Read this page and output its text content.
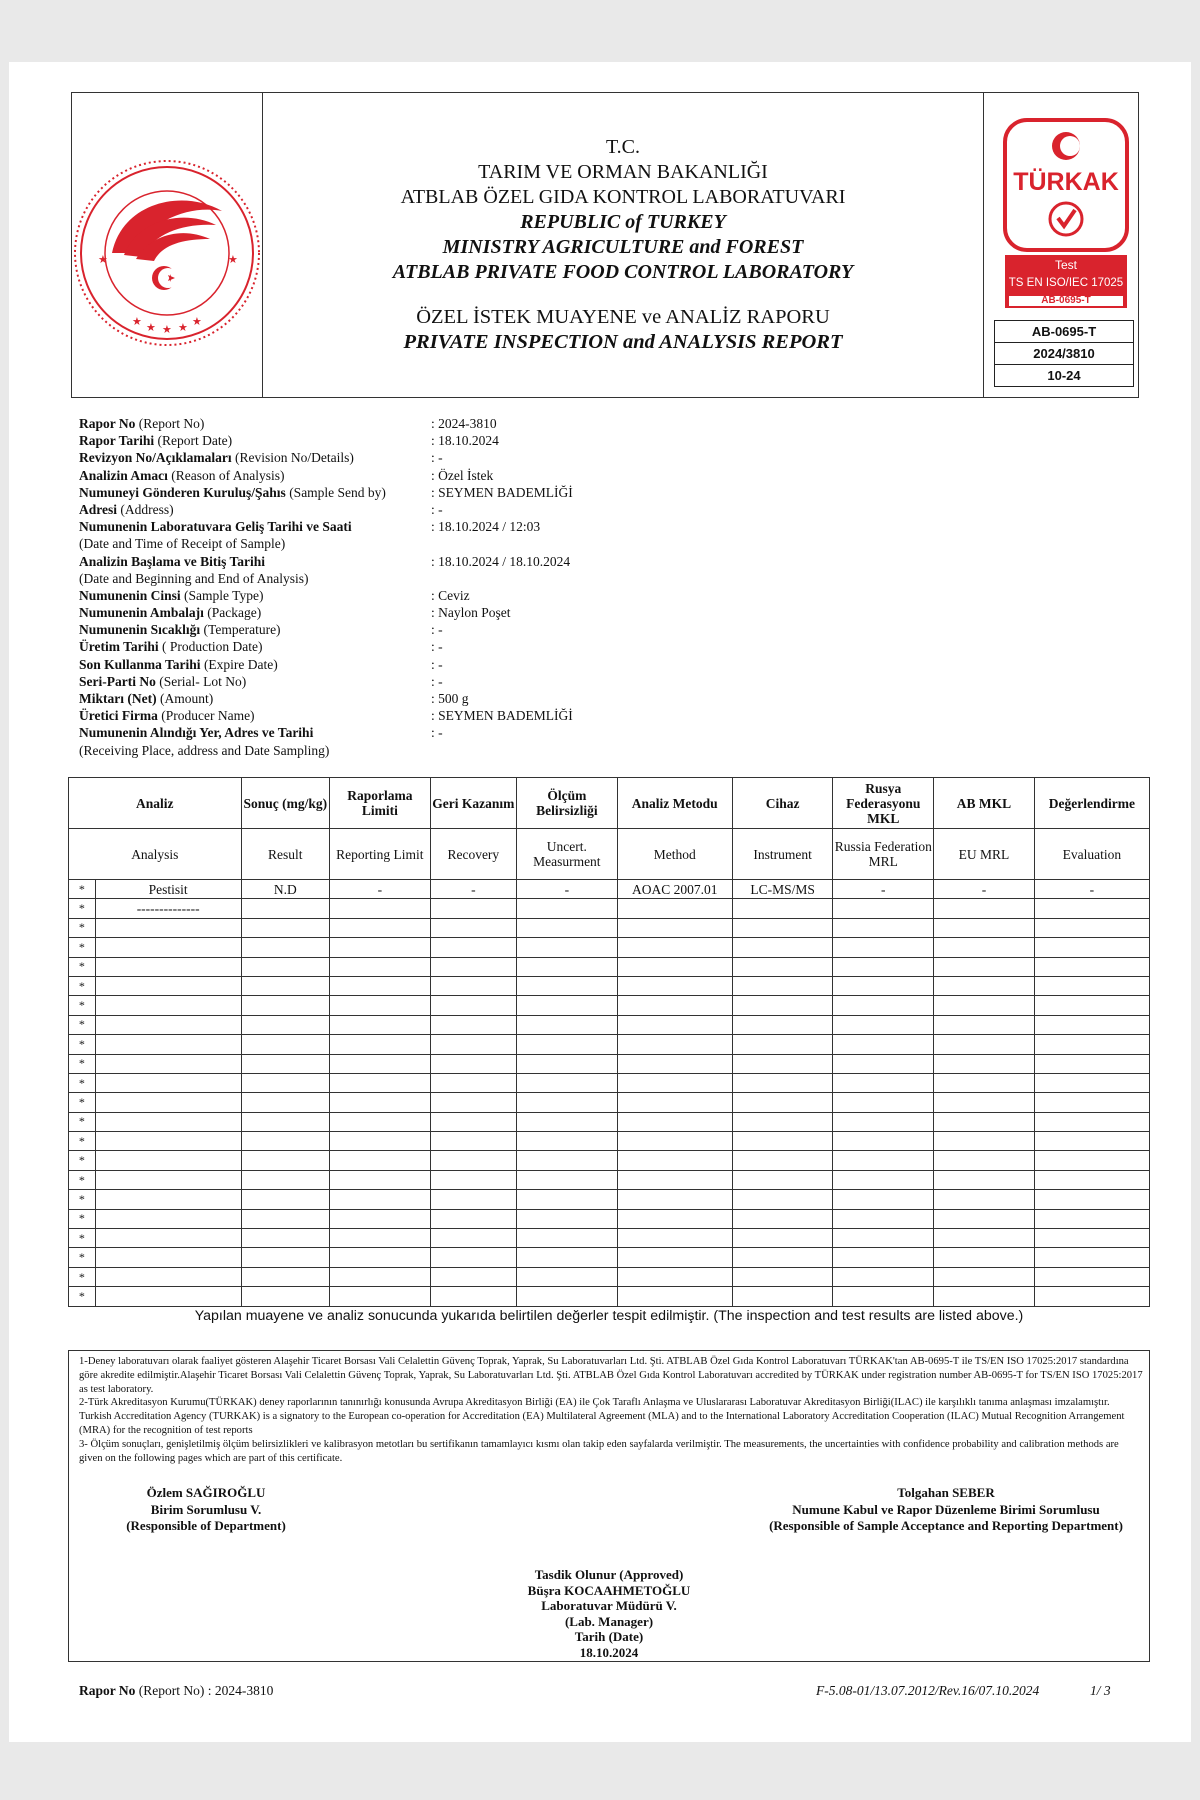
★ ★ ★ ★ ★
★	★

T.C.

TARIM VE ORMAN BAKANLIĞI

ATBLAB ÖZEL GIDA KONTROL LABORATUVARI

REPUBLIC of TURKEY

MINISTRY AGRICULTURE and FOREST

ATBLAB PRIVATE FOOD CONTROL LABORATORY

ÖZEL İSTEK MUAYENE ve ANALİZ RAPORU

PRIVATE INSPECTION and ANALYSIS REPORT

TÜRKAK
Test
TS EN ISO/IEC 17025
AB-0695-T
AB-0695-T
2024/3810
10-24
Rapor No (Report No)	: 2024-3810
Rapor Tarihi (Report Date)	: 18.10.2024
Revizyon No/Açıklamaları (Revision No/Details)	: -
Analizin Amacı (Reason of Analysis)	: Özel İstek
Numuneyi Gönderen Kuruluş/Şahıs (Sample Send by)	: SEYMEN BADEMLİĞİ
Adresi (Address)	: -
Numunenin Laboratuvara Geliş Tarihi ve Saati	: 18.10.2024 / 12:03
(Date and Time of Receipt of Sample)
Analizin Başlama ve Bitiş Tarihi	: 18.10.2024 / 18.10.2024
(Date and Beginning and End of Analysis)
Numunenin Cinsi (Sample Type)	: Ceviz
Numunenin Ambalajı (Package)	: Naylon Poşet
Numunenin Sıcaklığı (Temperature)	: -
Üretim Tarihi ( Production Date)	: -
Son Kullanma Tarihi (Expire Date)	: -
Seri-Parti No (Serial- Lot No)	: -
Miktarı (Net) (Amount)	: 500 g
Üretici Firma (Producer Name)	: SEYMEN BADEMLİĞİ
Numunenin Alındığı Yer, Adres ve Tarihi	: -
(Receiving Place, address and Date Sampling)
Analiz		Sonuç (mg/kg)	Raporlama Limiti	Geri Kazanım	Ölçüm Belirsizliği	Analiz Metodu	Cihaz	Rusya Federasyonu MKL	AB MKL	Değerlendirme
Analysis		Result	Reporting Limit	Recovery	Uncert. Measurment	Method	Instrument	Russia Federation MRL	EU MRL	Evaluation
*	Pestisit	N.D	-	-	-	AOAC 2007.01	LC-MS/MS	-	-	-
*	--------------									
*										
*										
*										
*										
*										
*										
*										
*										
*										
*										
*										
*										
*										
*										
*										
*										
*										
*										
*										
*										
Yapılan muayene ve analiz sonucunda yukarıda belirtilen değerler tespit edilmiştir. (The inspection and test results are listed above.)

1-Deney laboratuvarı olarak faaliyet gösteren Alaşehir Ticaret Borsası Vali Celalettin Güvenç Toprak, Yaprak, Su Laboratuvarları Ltd. Şti. ATBLAB Özel Gıda Kontrol Laboratuvarı TÜRKAK'tan AB-0695-T ile TS/EN ISO 17025:2017 standardına göre akredite edilmiştir.Alaşehir Ticaret Borsası Vali Celalettin Güvenç Toprak, Yaprak, Su Laboratuvarları Ltd. Şti. ATBLAB Özel Gıda Kontrol Laboratuvarı accredited by TÜRKAK under registration number AB-0695-T for TS/EN ISO 17025:2017 as test laboratory.

2-Türk Akreditasyon Kurumu(TÜRKAK) deney raporlarının tanınırlığı konusunda Avrupa Akreditasyon Birliği (EA) ile Çok Taraflı Anlaşma ve Uluslararası Laboratuvar Akreditasyon Birliği(ILAC) ile karşılıklı tanıma anlaşması imzalamıştır. Turkish Accreditation Agency (TURKAK) is a signatory to the European co-operation for Accreditation (EA) Multilateral Agreement (MLA) and to the International Laboratory Accreditation Cooperation (ILAC) Mutual Recognition Arrangement (MRA) for the recognition of test reports

3- Ölçüm sonuçları, genişletilmiş ölçüm belirsizlikleri ve kalibrasyon metotları bu sertifikanın tamamlayıcı kısmı olan takip eden sayfalarda verilmiştir. The measurements, the uncertainties with confidence probability and calibration methods are given on the following pages which are part of this certificate.

Özlem SAĞIROĞLU
Birim Sorumlusu V.
(Responsible of Department)
Tolgahan SEBER
Numune Kabul ve Rapor Düzenleme Birimi Sorumlusu
(Responsible of Sample Acceptance and Reporting Department)
Tasdik Olunur (Approved)
Büşra KOCAAHMETOĞLU
Laboratuvar Müdürü V.
(Lab. Manager)
Tarih (Date)
18.10.2024
Rapor No (Report No) : 2024-3810	F-5.08-01/13.07.2012/Rev.16/07.10.2024	1/ 3
